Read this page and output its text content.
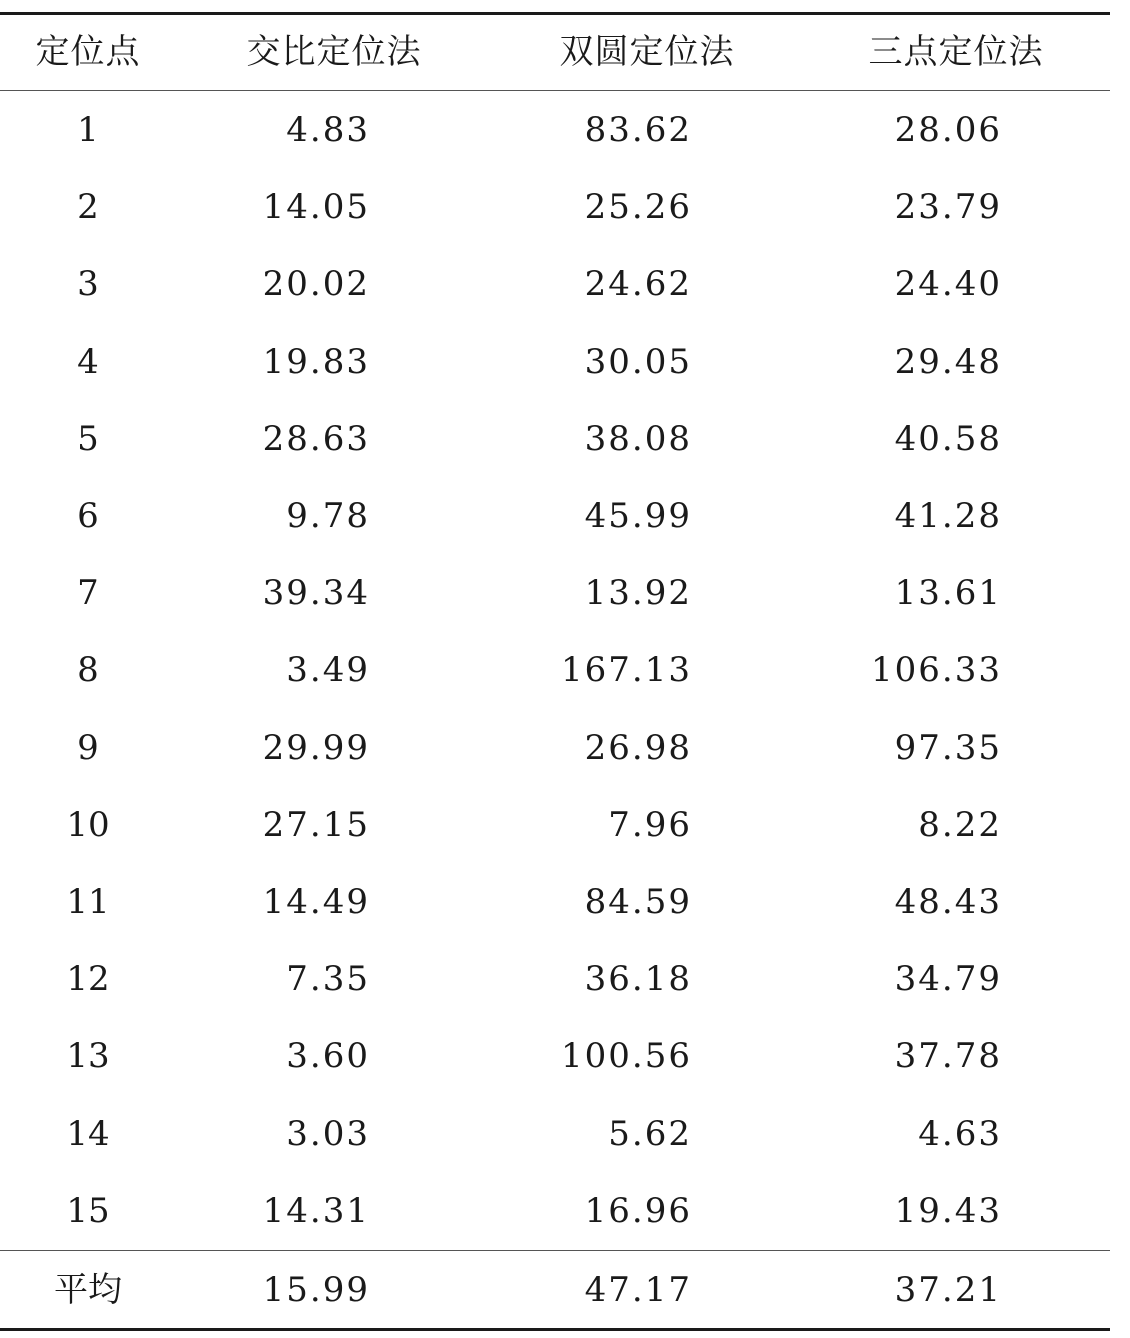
定位点	交比定位法	双圆定位法	三点定位法
1	4.83	83.62	28.06
2	14.05	25.26	23.79
3	20.02	24.62	24.40
4	19.83	30.05	29.48
5	28.63	38.08	40.58
6	9.78	45.99	41.28
7	39.34	13.92	13.61
8	3.49	167.13	106.33
9	29.99	26.98	97.35
10	27.15	7.96	8.22
11	14.49	84.59	48.43
12	7.35	36.18	34.79
13	3.60	100.56	37.78
14	3.03	5.62	4.63
15	14.31	16.96	19.43
平均	15.99	47.17	37.21
